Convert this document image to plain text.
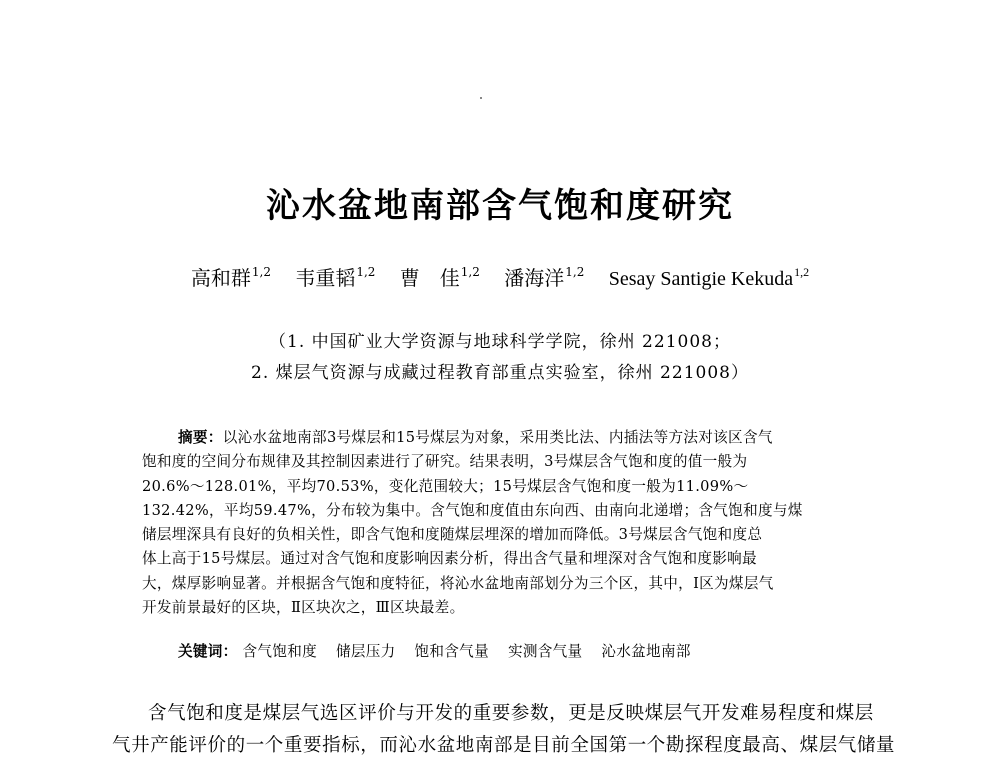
沁水盆地南部含气饱和度研究
高和群$^{1,2}$ 韦重韬$^{1,2}$ 曹　佳$^{1,2}$ 潘海洋$^{1,2}$ Sesay Santigie Kekuda$^{1,2}$
（1. 中国矿业大学资源与地球科学学院，徐州 221008；
2. 煤层气资源与成藏过程教育部重点实验室，徐州 221008）
摘要：以沁水盆地南部3号煤层和15号煤层为对象，采用类比法、内插法等方法对该区含气
饱和度的空间分布规律及其控制因素进行了研究。结果表明，3号煤层含气饱和度的值一般为
20.6%～128.01%，平均70.53%，变化范围较大；15号煤层含气饱和度一般为11.09%～
132.42%，平均59.47%，分布较为集中。含气饱和度值由东向西、由南向北递增；含气饱和度与煤
储层埋深具有良好的负相关性，即含气饱和度随煤层埋深的增加而降低。3号煤层含气饱和度总
体上高于15号煤层。通过对含气饱和度影响因素分析，得出含气量和埋深对含气饱和度影响最
大，煤厚影响显著。并根据含气饱和度特征，将沁水盆地南部划分为三个区，其中，Ⅰ区为煤层气
开发前景最好的区块，Ⅱ区块次之，Ⅲ区块最差。
关键词： 含气饱和度 储层压力 饱和含气量 实测含气量 沁水盆地南部
含气饱和度是煤层气选区评价与开发的重要参数，更是反映煤层气开发难易程度和煤层
气井产能评价的一个重要指标，而沁水盆地南部是目前全国第一个勘探程度最高、煤层气储量
